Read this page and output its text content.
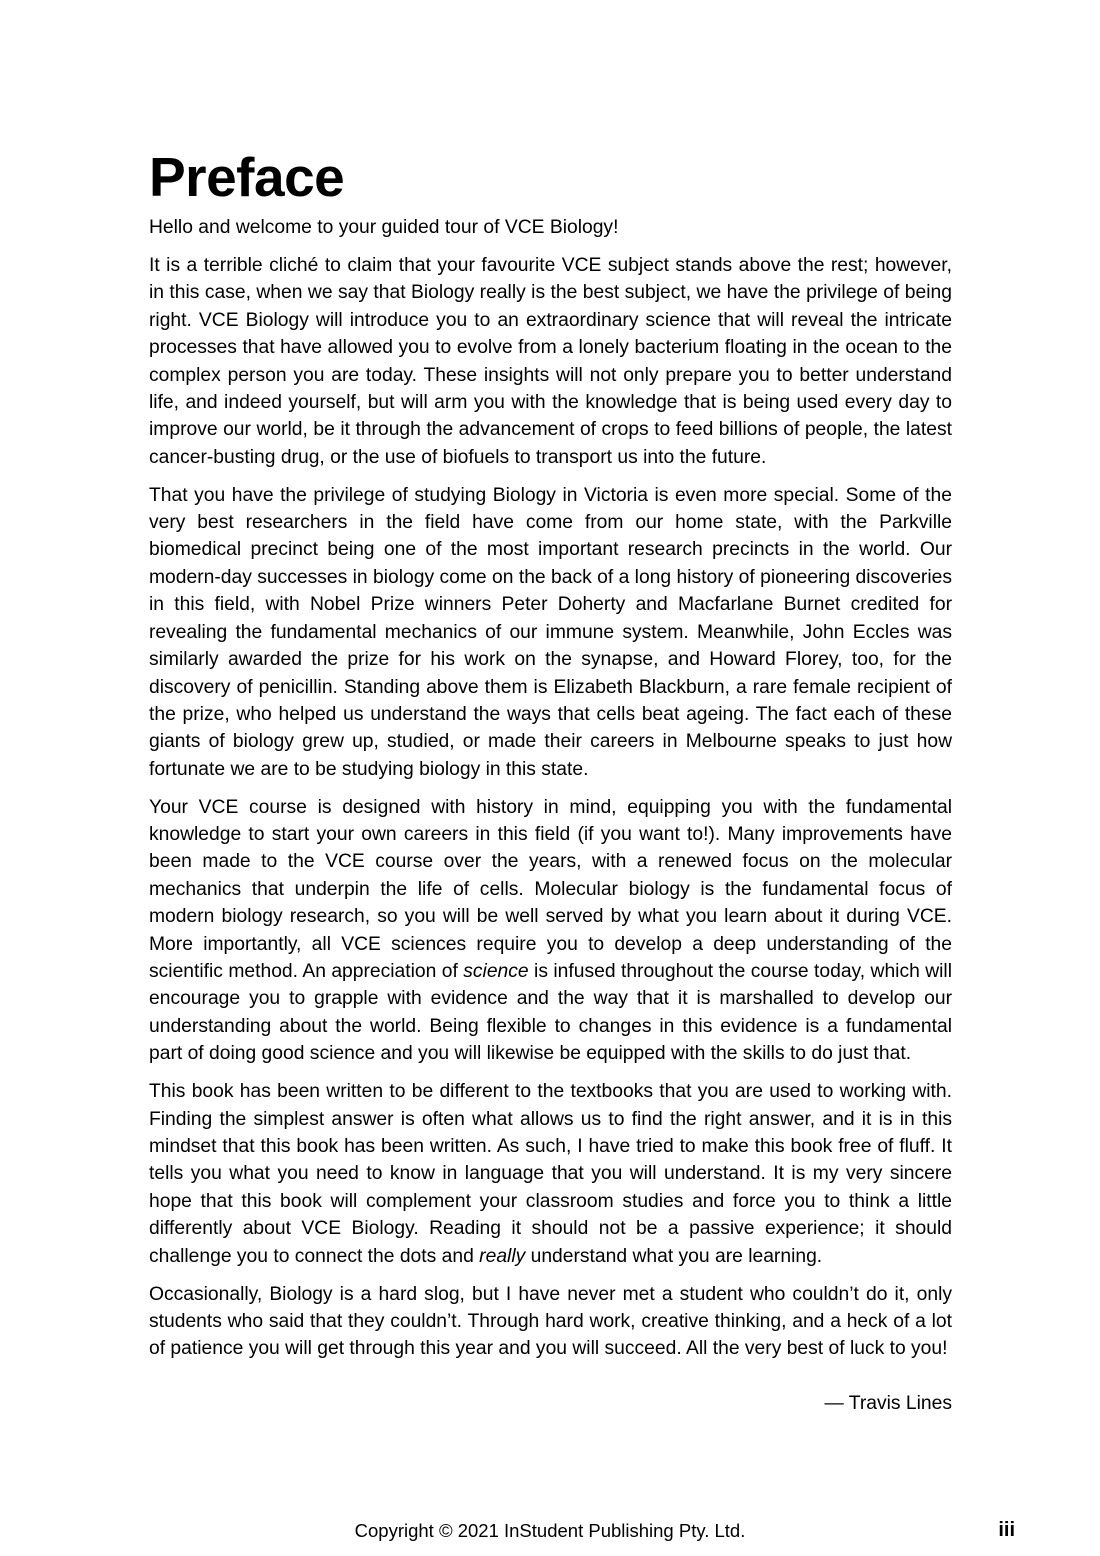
Preface

Hello and welcome to your guided tour of VCE Biology!

It is a terrible cliché to claim that your favourite VCE subject stands above the rest; however, in this case, when we say that Biology really is the best subject, we have the privilege of being right. VCE Biology will introduce you to an extraordinary science that will reveal the intricate processes that have allowed you to evolve from a lonely bacterium floating in the ocean to the complex person you are today. These insights will not only prepare you to better understand life, and indeed yourself, but will arm you with the knowledge that is being used every day to improve our world, be it through the advancement of crops to feed billions of people, the latest cancer-busting drug, or the use of biofuels to transport us into the future.

That you have the privilege of studying Biology in Victoria is even more special. Some of the very best researchers in the field have come from our home state, with the Parkville biomedical precinct being one of the most important research precincts in the world. Our modern-day successes in biology come on the back of a long history of pioneering discoveries in this field, with Nobel Prize winners Peter Doherty and Macfarlane Burnet credited for revealing the fundamental mechanics of our immune system. Meanwhile, John Eccles was similarly awarded the prize for his work on the synapse, and Howard Florey, too, for the discovery of penicillin. Standing above them is Elizabeth Blackburn, a rare female recipient of the prize, who helped us understand the ways that cells beat ageing. The fact each of these giants of biology grew up, studied, or made their careers in Melbourne speaks to just how fortunate we are to be studying biology in this state.

Your VCE course is designed with history in mind, equipping you with the fundamental knowledge to start your own careers in this field (if you want to!). Many improvements have been made to the VCE course over the years, with a renewed focus on the molecular mechanics that underpin the life of cells. Molecular biology is the fundamental focus of modern biology research, so you will be well served by what you learn about it during VCE. More importantly, all VCE sciences require you to develop a deep understanding of the scientific method. An appreciation of science is infused throughout the course today, which will encourage you to grapple with evidence and the way that it is marshalled to develop our understanding about the world. Being flexible to changes in this evidence is a fundamental part of doing good science and you will likewise be equipped with the skills to do just that.

This book has been written to be different to the textbooks that you are used to working with. Finding the simplest answer is often what allows us to find the right answer, and it is in this mindset that this book has been written. As such, I have tried to make this book free of fluff. It tells you what you need to know in language that you will understand. It is my very sincere hope that this book will complement your classroom studies and force you to think a little differently about VCE Biology. Reading it should not be a passive experience; it should challenge you to connect the dots and really understand what you are learning.

Occasionally, Biology is a hard slog, but I have never met a student who couldn’t do it, only students who said that they couldn’t. Through hard work, creative thinking, and a heck of a lot of patience you will get through this year and you will succeed. All the very best of luck to you!

— Travis Lines
Copyright © 2021 InStudent Publishing Pty. Ltd.	iii
